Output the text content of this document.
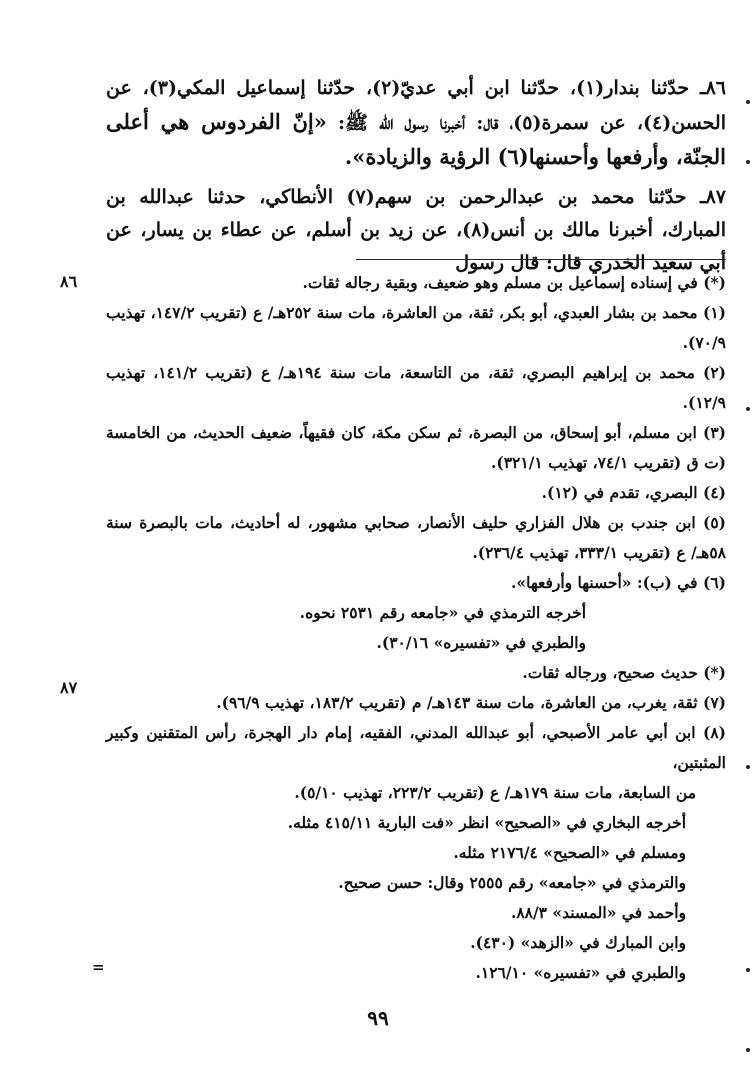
٨٦ـ حدّثنا بندار(١)، حدّثنا ابن أبي عديّ(٢)، حدّثنا إسماعيل المكي(٣)، عن الحسن(٤)، عن سمرة(٥)، قال: أخبرنا رسول الله ﷺ: «إنّ الفردوس هي أعلى الجنّة، وأرفعها وأحسنها(٦) الرؤية والزيادة».

٨٧ـ حدّثنا محمد بن عبدالرحمن بن سهم(٧) الأنطاكي، حدثنا عبدالله بن المبارك، أخبرنا مالك بن أنس(٨)، عن زيد بن أسلم، عن عطاء بن يسار، عن أبي سعيد الخدري قال: قال رسول

(*) في إسناده إسماعيل بن مسلم وهو ضعيف، وبقية رجاله ثقات.

(١) محمد بن بشار العبدي، أبو بكر، ثقة، من العاشرة، مات سنة ٢٥٢هـ/ ع (تقريب ١٤٧/٢، تهذيب ٧٠/٩).

(٢) محمد بن إبراهيم البصري، ثقة، من التاسعة، مات سنة ١٩٤هـ/ ع (تقريب ١٤١/٢، تهذيب ١٢/٩).

(٣) ابن مسلم، أبو إسحاق، من البصرة، ثم سكن مكة، كان فقيهاً، ضعيف الحديث، من الخامسة (ت ق (تقريب ٧٤/١، تهذيب ٣٢١/١).

(٤) البصري، تقدم في (١٢).

(٥) ابن جندب بن هلال الفزاري حليف الأنصار، صحابي مشهور، له أحاديث، مات بالبصرة سنة ٥٨هـ/ ع (تقريب ٣٣٣/١، تهذيب ٢٣٦/٤).

(٦) في (ب): «أحسنها وأرفعها».

أخرجه الترمذي في «جامعه رقم ٢٥٣١ نحوه.

والطبري في «تفسيره» ٣٠/١٦).

(*) حديث صحيح، ورجاله ثقات.

(٧) ثقة، يغرب، من العاشرة، مات سنة ١٤٣هـ/ م (تقريب ١٨٣/٢، تهذيب ٩٦/٩).

(٨) ابن أبي عامر الأصبحي، أبو عبدالله المدني، الفقيه، إمام دار الهجرة، رأس المتقنين وكبير المثبتين،

من السابعة، مات سنة ١٧٩هـ/ ع (تقريب ٢٢٣/٢، تهذيب ٥/١٠).

أخرجه البخاري في «الصحيح» انظر «فت البارية ٤١٥/١١ مثله.

ومسلم في «الصحيح» ٢١٧٦/٤ مثله.

والترمذي في «جامعه» رقم ٢٥٥٥ وقال: حسن صحيح.

وأحمد في «المسند» ٨٨/٣.

وابن المبارك في «الزهد» (٤٣٠).

والطبري في «تفسيره» ١٢٦/١٠.

٨٦
٨٧
=
٩٩
